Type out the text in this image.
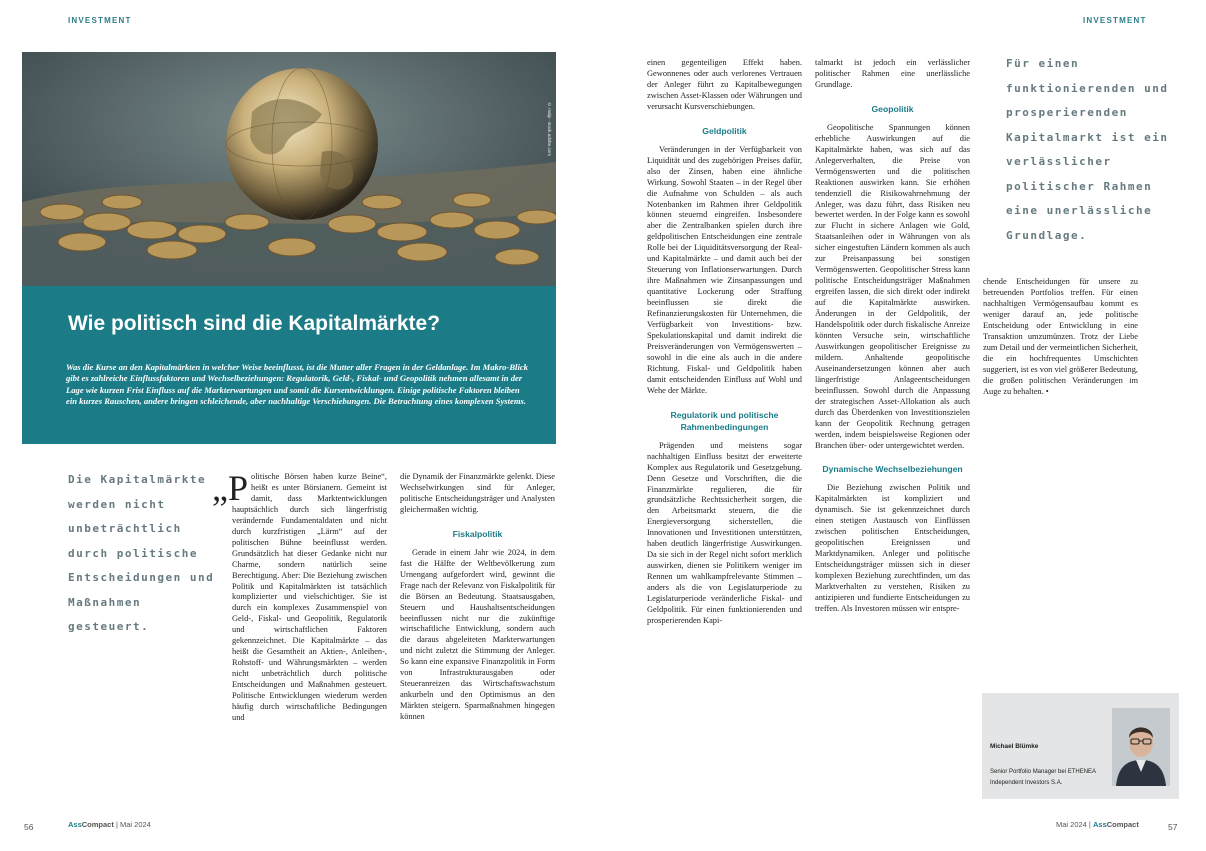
INVESTMENT	INVESTMENT
© malp - stock.adobe.com
Wie politisch sind die Kapitalmärkte?

Was die Kurse an den Kapitalmärkten in welcher Weise beeinflusst, ist die Mutter aller Fragen in der Geldanlage. Im Makro-Blick gibt es zahlreiche Einflussfaktoren und Wechselbeziehungen: Regulatorik, Geld-, Fiskal- und Geopolitik nehmen allesamt in der Lage wie kurzen Frist Einfluss auf die Markterwartungen und somit die Kursentwicklungen. Einige politische Faktoren bleiben ein kurzes Rauschen, andere bringen schleichende, aber nachhaltige Verschiebungen. Die Betrachtung eines komplexen Systems.

Die Kapitalmärkte werden nicht unbeträchtlich durch politische Entscheidungen und Maßnahmen gesteuert.

„Politische Börsen haben kurze Beine“, heißt es unter Börsianern. Gemeint ist damit, dass Marktentwicklungen hauptsächlich durch sich längerfristig verändernde Fundamentaldaten und nicht durch kurzfristigen „Lärm“ auf der politischen Bühne beeinflusst werden. Grundsätzlich hat dieser Gedanke nicht nur Charme, sondern natürlich seine Berechtigung. Aber: Die Beziehung zwischen Politik und Kapitalmärkten ist tatsächlich komplizierter und vielschichtiger. Sie ist durch ein komplexes Zusammenspiel von Geld-, Fiskal- und Geopolitik, Regulatorik und wirtschaftlichen Faktoren gekennzeichnet. Die Kapitalmärkte – das heißt die Gesamtheit an Aktien-, Anleihen-, Rohstoff- und Währungsmärkten – werden nicht unbeträchtlich durch politische Entscheidungen und Maßnahmen gesteuert. Politische Entwicklungen wiederum werden häufig durch wirtschaftliche Bedingungen und

die Dynamik der Finanzmärkte gelenkt. Diese Wechselwirkungen sind für Anleger, politische Entscheidungsträger und Analysten gleichermaßen wichtig.

Fiskalpolitik

Gerade in einem Jahr wie 2024, in dem fast die Hälfte der Weltbevölkerung zum Urnengang aufgefordert wird, gewinnt die Frage nach der Relevanz von Fiskalpolitik für die Börsen an Bedeutung. Staatsausgaben, Steuern und Haushaltsentscheidungen beeinflussen nicht nur die zukünftige wirtschaftliche Entwicklung, sondern auch die daraus abgeleiteten Markterwartungen und nicht zuletzt die Stimmung der Anleger. So kann eine expansive Finanzpolitik in Form von Infrastrukturausgaben oder Steueranreizen das Wirtschaftswachstum ankurbeln und den Optimismus an den Märkten steigern. Sparmaßnahmen hingegen können

einen gegenteiligen Effekt haben. Gewonnenes oder auch verlorenes Vertrauen der Anleger führt zu Kapitalbewegungen zwischen Asset-Klassen oder Währungen und verursacht Kursverschiebungen.

Geldpolitik

Veränderungen in der Verfügbarkeit von Liquidität und des zugehörigen Preises dafür, also der Zinsen, haben eine ähnliche Wirkung. Sowohl Staaten – in der Regel über die Aufnahme von Schulden – als auch Notenbanken im Rahmen ihrer Geldpolitik können steuernd eingreifen. Insbesondere aber die Zentralbanken spielen durch ihre geldpolitischen Entscheidungen eine zentrale Rolle bei der Liquiditätsversorgung der Real- und Kapitalmärkte – und damit auch bei der Steuerung von Inflationserwartungen. Durch ihre Maßnahmen wie Zinsanpassungen und quantitative Lockerung oder Straffung beeinflussen sie direkt die Refinanzierungskosten für Unternehmen, die Verfügbarkeit von Investitions- bzw. Spekulationskapital und damit indirekt die Preisveränderungen von Vermögenswerten – sowohl in die eine als auch in die andere Richtung. Fiskal- und Geldpolitik haben damit entscheidenden Einfluss auf Wohl und Wehe der Märkte.

Regulatorik und politische Rahmenbedingungen

Prägenden und meistens sogar nachhaltigen Einfluss besitzt der erweiterte Komplex aus Regulatorik und Gesetzgebung. Denn Gesetze und Vorschriften, die die Finanzmärkte regulieren, die für grundsätzliche Rechtssicherheit sorgen, die den Arbeitsmarkt steuern, die die Energieversorgung sicherstellen, die Innovationen und Investitionen unterstützen, haben deutlich längerfristige Auswirkungen. Da sie sich in der Regel nicht sofort merklich auswirken, dienen sie Politikern weniger im Rennen um wahlkampfrelevante Stimmen – anders als die von Legislaturperiode zu Legislaturperiode veränderliche Fiskal- und Geldpolitik. Für einen funktionierenden und prosperierenden Kapi-

talmarkt ist jedoch ein verlässlicher politischer Rahmen eine unerlässliche Grundlage.

Geopolitik

Geopolitische Spannungen können erhebliche Auswirkungen auf die Kapitalmärkte haben, was sich auf das Anlegerverhalten, die Preise von Vermögenswerten und die politischen Reaktionen auswirken kann. Sie erhöhen tendenziell die Risikowahrnehmung der Anleger, was dazu führt, dass Risiken neu bewertet werden. In der Folge kann es sowohl zur Flucht in sichere Anlagen wie Gold, Staatsanleihen oder in Währungen von als sicher eingestuften Ländern kommen als auch zur Preisanpassung bei sonstigen Vermögenswerten. Geopolitischer Stress kann politische Entscheidungsträger Maßnahmen ergreifen lassen, die sich direkt oder indirekt auf die Kapitalmärkte auswirken. Änderungen in der Geldpolitik, der Handelspolitik oder durch fiskalische Anreize könnten Versuche sein, wirtschaftliche Auswirkungen geopolitischer Ereignisse zu mildern. Anhaltende geopolitische Auseinandersetzungen können aber auch längerfristige Anlageentscheidungen beeinflussen. Sowohl durch die Anpassung der strategischen Asset-Allokation als auch durch das Überdenken von Investitionszielen kann der Geopolitik Rechnung getragen werden, indem beispielsweise Regionen oder Branchen über- oder untergewichtet werden.

Dynamische Wechselbeziehungen

Die Beziehung zwischen Politik und Kapitalmärkten ist kompliziert und dynamisch. Sie ist gekennzeichnet durch einen stetigen Austausch von Einflüssen zwischen politischen Entscheidungen, geopolitischen Ereignissen und Marktdynamiken. Anleger und politische Entscheidungsträger müssen sich in dieser komplexen Beziehung zurechtfinden, um das Marktverhalten zu verstehen, Risiken zu antizipieren und fundierte Entscheidungen zu treffen. Als Investoren müssen wir entspre-

Für einen funktionierenden und prosperierenden Kapitalmarkt ist ein verlässlicher politischer Rahmen eine unerlässliche Grundlage.

chende Entscheidungen für unsere zu betreuenden Portfolios treffen. Für einen nachhaltigen Vermögensaufbau kommt es weniger darauf an, jede politische Entscheidung oder Entwicklung in eine Transaktion umzumünzen. Trotz der Liebe zum Detail und der vermeintlichen Sicherheit, die ein hochfrequentes Umschichten suggeriert, ist es von viel größerer Bedeutung, die großen politischen Veränderungen im Auge zu behalten. •

Michael Blümke
Senior Portfolio Manager bei ETHENEA
Independent Investors S.A.
56	AssCompact | Mai 2024	Mai 2024 | AssCompact	57
